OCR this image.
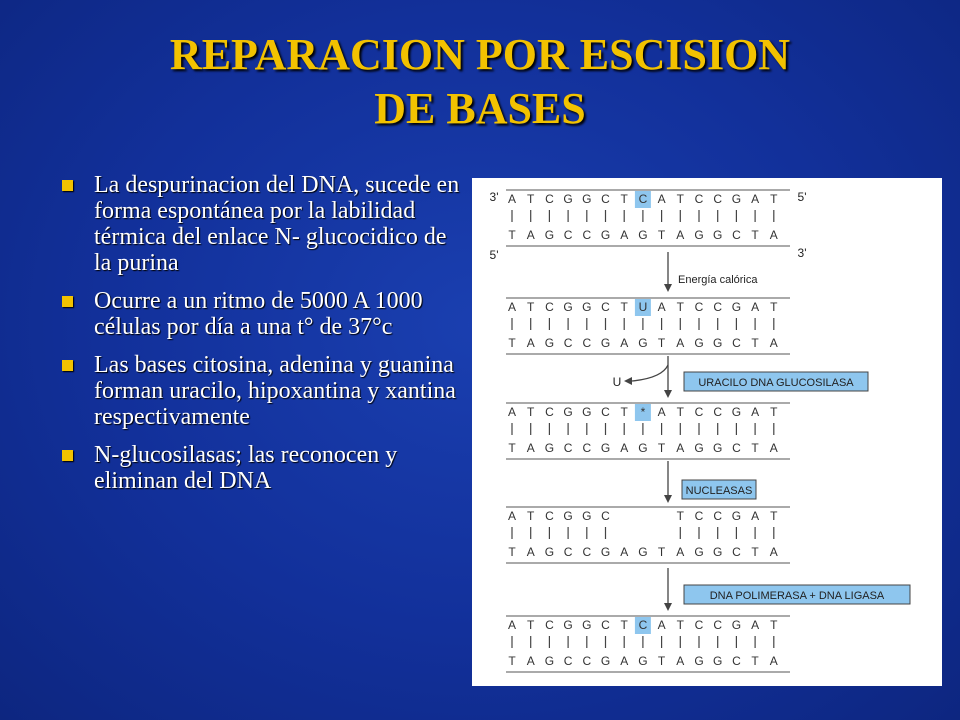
REPARACION POR ESCISION
DE BASES
La despurinacion del DNA, sucede en forma espontánea por la labilidad térmica del enlace N- glucocidico de la purina
Ocurre a un ritmo de 5000 A 1000 células por día a una t° de 37°c
Las bases citosina, adenina y guanina forman uracilo, hipoxantina y xantina respectivamente
N-glucosilasas; las reconocen y eliminan del DNA
A T C G G C T C A T C C G A T
T A G C C G A G T A G G C T A
A T C G G C T U A T C C G A T
T A G C C G A G T A G G C T A
A T C G G C T * A T C C G A T
T A G C C G A G T A G G C T A
A T C G G C	T C C G A T
T A G C C G A G T A G G C T A
A T C G G C T C A T C C G A T
T A G C C G A G T A G G C T A
3'	5'
5'	3'
Energía calórica
U	URACILO DNA GLUCOSILASA
NUCLEASAS
DNA POLIMERASA + DNA LIGASA
